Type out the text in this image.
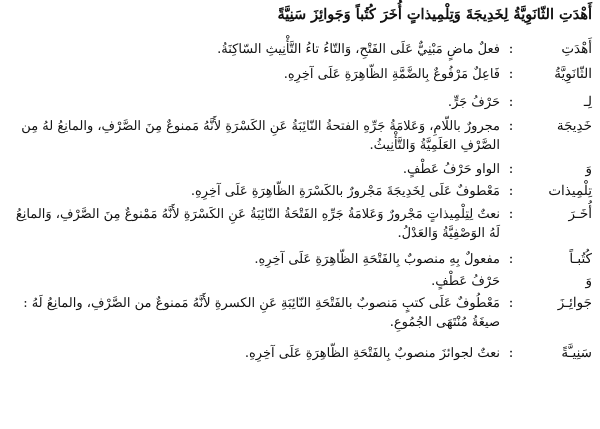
أَهْدَتِ الثّانَوِيَّةُ لِخَدِيجَةَ وَتِلْمِيذاتٍ أُخَرَ كُتُباً وَجَوائِزَ سَنِيَّةً
أَهْدَتِ
:
فعلٌ ماضٍ مَبْنِيٌّ عَلَى الفَتْحِ، وَالتّاءُ تاءُ التَّأْنِيثِ السّاكِنَةُ.
الثّانَوِيَّةُ
:
فَاعِلٌ مَرْفُوعٌ بِالضَّمَّةِ الظّاهِرَةِ عَلَى آخِرِهِ.
لِـ
:
حَرْفُ جَرٍّ.
خَدِيجَة
:
مجرورٌ باللّامِ، وَعَلامَةُ جَرِّهِ الفتحةُ النّائِبَةُ عَنِ الكَسْرَةِ لأَنَّهُ مَمنوعٌ مِنَ الصَّرْفِ، والمانِعُ لهُ مِن
الصَّرْفِ العَلَمِيَّةُ وَالتَّأْنِيثُ.
وَ
:
الواو حَرْفُ عَطْفٍ.
تِلْمِيذات
:
مَعْطوفٌ عَلَى لِخَدِيجَةَ مَجْرورٌ بالكَسْرَةِ الظّاهِرَةِ عَلَى آخِرِهِ.
أُخَـرَ
:
نعتٌ لِتِلْمِيذاتٍ مَجْرورٌ وَعَلامَةُ جَرِّهِ الفَتْحَةُ النّائِبَةُ عَنِ الكَسْرَةِ لأَنَّهُ مَمْنوعٌ مِنَ الصَّرْفِ، وَالمانِعُ
لَهُ الوَصْفِيَّةُ وَالعَدْلُ.
كُتُبـاً
:
مفعولٌ بِهِ منصوبٌ بِالفَتْحَةِ الظّاهِرَةِ عَلَى آخِرِهِ.
وَ
حَرْفُ عَطْفٍ.
جَوائِـزَ
:
مَعْطُوفٌ عَلَى كتبٍ مَنصوبٌ بالفَتْحَةِ النّائِبَةِ عَنِ الكسرةِ لأَنَّهُ مَمنوعٌ من الصَّرْفِ، والمانِعُ لَهُ :
صيغَةُ مُنْتَهَى الجُمُوعِ.
سَنِيـَّةً
:
نعتٌ لجوائزَ منصوبٌ بِالفَتْحَةِ الظّاهِرَةِ عَلَى آخِرِهِ.
